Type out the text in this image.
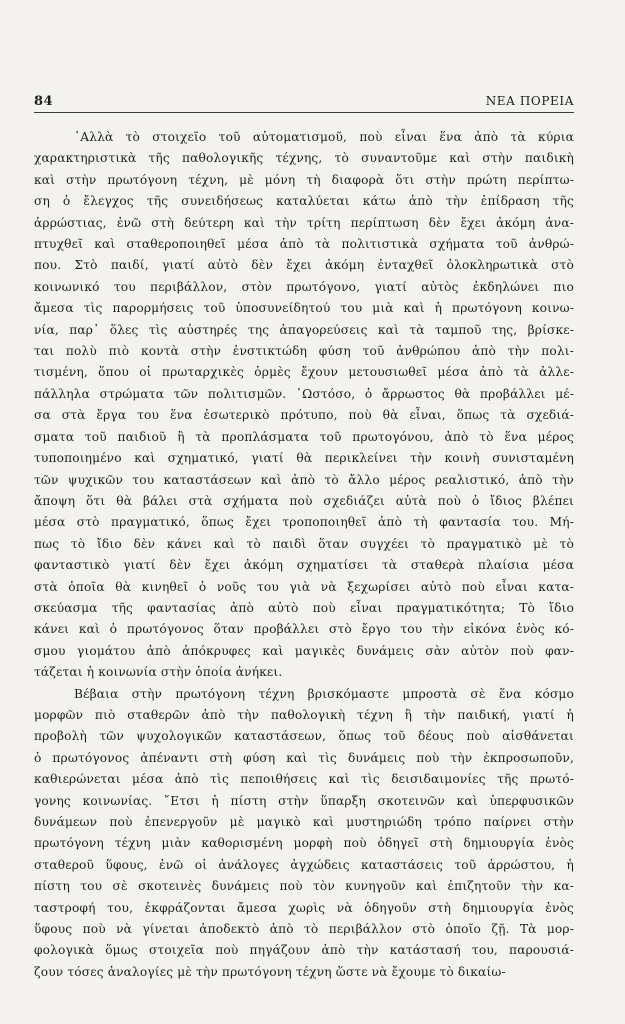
84	ΝΕΑ ΠΟΡΕΙΑ
᾿Αλλὰ τὸ στοιχεῖο τοῦ αὐτοματισμοῦ, ποὺ εἶναι ἕνα ἀπὸ τὰ κύρια
χαρακτηριστικὰ τῆς παθολογικῆς τέχνης, τὸ συναντοῦμε καὶ στὴν παιδικὴ
καὶ στὴν πρωτόγονη τέχνη, μὲ μόνη τὴ διαφορὰ ὅτι στὴν πρώτη περίπτω-
ση ὁ ἔλεγχος τῆς συνειδήσεως καταλύεται κάτω ἀπὸ τὴν ἐπίδραση τῆς
ἀρρώστιας, ἐνῶ στὴ δεύτερη καὶ τὴν τρίτη περίπτωση δὲν ἔχει ἀκόμη ἀνα-
πτυχθεῖ καὶ σταθεροποιηθεῖ μέσα ἀπὸ τὰ πολιτιστικὰ σχήματα τοῦ ἀνθρώ-
που. Στὸ παιδί, γιατί αὐτὸ δὲν ἔχει ἀκόμη ἐνταχθεῖ ὁλοκληρωτικὰ στὸ
κοινωνικό του περιβάλλον, στὸν πρωτόγονο, γιατί αὐτὸς ἐκδηλώνει πιο
ἄμεσα τὶς παρορμήσεις τοῦ ὑποσυνείδητού του μιὰ καὶ ἡ πρωτόγονη κοινω-
νία, παρ᾿ ὅλες τὶς αὐστηρές της ἀπαγορεύσεις καὶ τὰ ταμποῦ της, βρίσκε-
ται πολὺ πιὸ κοντὰ στὴν ἐνστικτώδη φύση τοῦ ἀνθρώπου ἀπὸ τὴν πολι-
τισμένη, ὅπου οἱ πρωταρχικὲς ὁρμὲς ἔχουν μετουσιωθεῖ μέσα ἀπὸ τὰ ἀλλε-
πάλληλα στρώματα τῶν πολιτισμῶν. ῾Ωστόσο, ὁ ἄρρωστος θὰ προβάλλει μέ-
σα στὰ ἔργα του ἕνα ἐσωτερικὸ πρότυπο, ποὺ θὰ εἶναι, ὅπως τὰ σχεδιά-
σματα τοῦ παιδιοῦ ἢ τὰ προπλάσματα τοῦ πρωτογόνου, ἀπὸ τὸ ἕνα μέρος
τυποποιημένο καὶ σχηματικό, γιατί θὰ περικλείνει τὴν κοινὴ συνισταμένη
τῶν ψυχικῶν του καταστάσεων καὶ ἀπὸ τὸ ἄλλο μέρος ρεαλιστικό, ἀπὸ τὴν
ἄποψη ὅτι θὰ βάλει στὰ σχήματα ποὺ σχεδιάζει αὐτὰ ποὺ ὁ ἴδιος βλέπει
μέσα στὸ πραγματικό, ὅπως ἔχει τροποποιηθεῖ ἀπὸ τὴ φαντασία του. Μή-
πως τὸ ἴδιο δὲν κάνει καὶ τὸ παιδὶ ὅταν συγχέει τὸ πραγματικὸ μὲ τὸ
φανταστικὸ γιατί δὲν ἔχει ἀκόμη σχηματίσει τὰ σταθερὰ πλαίσια μέσα
στὰ ὁποῖα θὰ κινηθεῖ ὁ νοῦς του γιὰ νὰ ξεχωρίσει αὐτὸ ποὺ εἶναι κατα-
σκεύασμα τῆς φαντασίας ἀπὸ αὐτὸ ποὺ εἶναι πραγματικότητα; Τὸ ἴδιο
κάνει καὶ ὁ πρωτόγονος ὅταν προβάλλει στὸ ἔργο του τὴν εἰκόνα ἑνὸς κό-
σμου γιομάτου ἀπὸ ἀπόκρυφες καὶ μαγικὲς δυνάμεις σὰν αὐτὸν ποὺ φαν-
τάζεται ἡ κοινωνία στὴν ὁποία ἀνήκει.
Βέβαια στὴν πρωτόγονη τέχνη βρισκόμαστε μπροστὰ σὲ ἕνα κόσμο
μορφῶν πιὸ σταθερῶν ἀπὸ τὴν παθολογικὴ τέχνη ἢ τὴν παιδική, γιατί ἡ
προβολὴ τῶν ψυχολογικῶν καταστάσεων, ὅπως τοῦ δέους ποὺ αἰσθάνεται
ὁ πρωτόγονος ἀπέναντι στὴ φύση καὶ τὶς δυνάμεις ποὺ τὴν ἐκπροσωποῦν,
καθιερώνεται μέσα ἀπὸ τὶς πεποιθήσεις καὶ τὶς δεισιδαιμονίες τῆς πρωτό-
γονης κοινωνίας. ῎Ετσι ἡ πίστη στὴν ὕπαρξη σκοτεινῶν καὶ ὑπερφυσικῶν
δυνάμεων ποὺ ἐπενεργοῦν μὲ μαγικὸ καὶ μυστηριώδη τρόπο παίρνει στὴν
πρωτόγονη τέχνη μιὰν καθορισμένη μορφὴ ποὺ ὁδηγεῖ στὴ δημιουργία ἑνὸς
σταθεροῦ ὕφους, ἐνῶ οἱ ἀνάλογες ἀγχώδεις καταστάσεις τοῦ ἀρρώστου, ἡ
πίστη του σὲ σκοτεινὲς δυνάμεις ποὺ τὸν κυνηγοῦν καὶ ἐπιζητοῦν τὴν κα-
ταστροφή του, ἐκφράζονται ἄμεσα χωρὶς νὰ ὁδηγοῦν στὴ δημιουργία ἑνὸς
ὕφους ποὺ νὰ γίνεται ἀποδεκτὸ ἀπὸ τὸ περιβάλλον στὸ ὁποῖο ζῇ. Τὰ μορ-
φολογικὰ ὅμως στοιχεῖα ποὺ πηγάζουν ἀπὸ τὴν κατάστασή του, παρουσιά-
ζουν τόσες ἀναλογίες μὲ τὴν πρωτόγονη τέχνη ὥστε νὰ ἔχουμε τὸ δικαίω-
